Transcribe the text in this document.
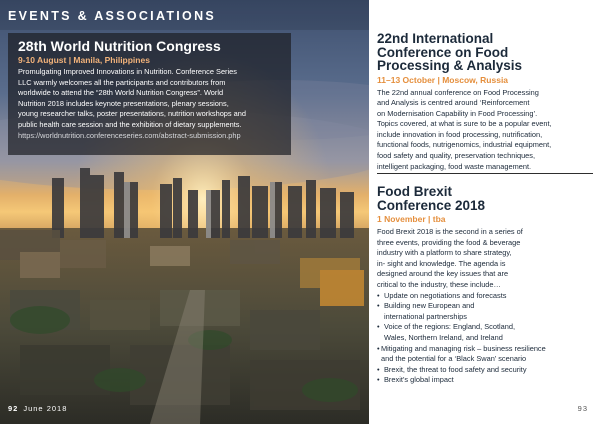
EVENTS & ASSOCIATIONS
28th World Nutrition Congress

9-10 August | Manila, Philippines

Promulgating Improved Innovations in Nutrition. Conference Series
LLC warmly welcomes all the participants and contributors from
worldwide to attend the “28th World Nutrition Congress”. World
Nutrition 2018 includes keynote presentations, plenary sessions,
young researcher talks, poster presentations, nutrition workshops and
public health care session and the exhibition of dietary supplements.

https://worldnutrition.conferenceseries.com/abstract-submission.php

92 June 2018
22nd International
Conference on Food
Processing & Analysis

11–13 October | Moscow, Russia

The 22nd annual conference on Food Processing
and Analysis is centred around ‘Reinforcement
on Modernisation Capability in Food Processing’.
Topics covered, at what is sure to be a popular event,
include innovation in food processing, nutrification,
functional foods, nutrigenomics, industrial equipment,
food safety and quality, preservation techniques,
intelligent packaging, food waste management.

Food Brexit
Conference 2018

1 November | tba

Food Brexit 2018 is the second in a series of
three events, providing the food & beverage
industry with a platform to share strategy,
in- sight and knowledge. The agenda is
designed around the key issues that are
critical to the industry, these include…

• Update on negotiations and forecasts
• Building new European and
international partnerships
• Voice of the regions: England, Scotland,
Wales, Northern Ireland, and Ireland
• Mitigating and managing risk – business resilience
and the potential for a ‘Black Swan’ scenario
• Brexit, the threat to food safety and security
• Brexit’s global impact
93
